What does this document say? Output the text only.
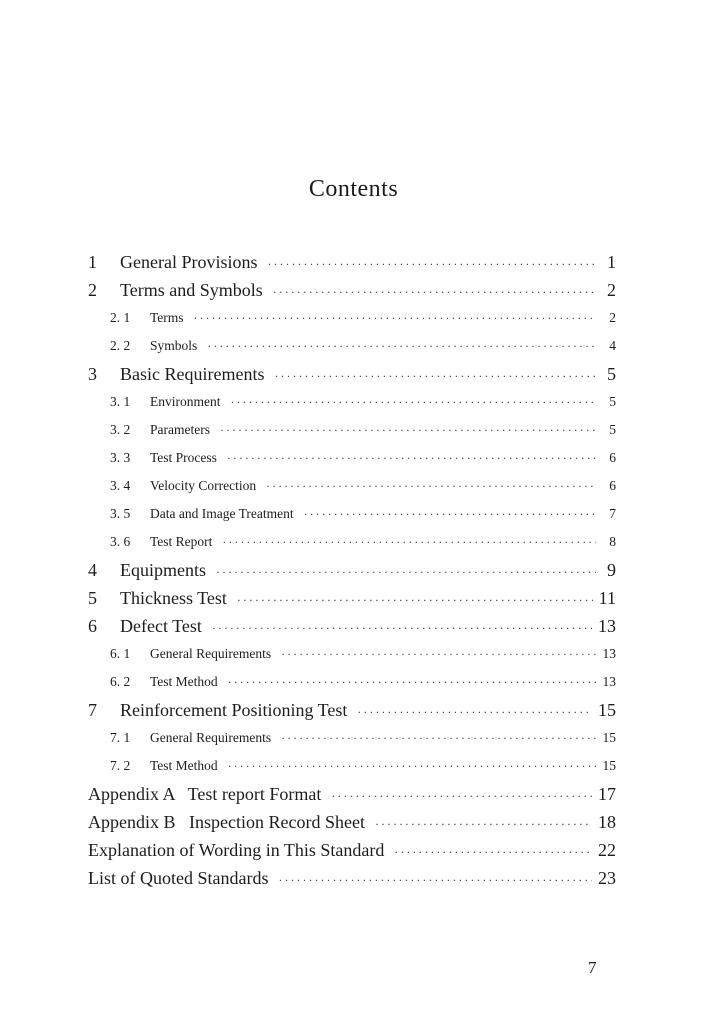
Contents
1	General Provisions ·····	1
2	Terms and Symbols ·····	2
2. 1	Terms ·····	2
2. 2	Symbols ·····	4
3	Basic Requirements ·····	5
3. 1	Environment ·····	5
3. 2	Parameters ·····	5
3. 3	Test Process ·····	6
3. 4	Velocity Correction ·····	6
3. 5	Data and Image Treatment ·····	7
3. 6	Test Report ·····	8
4	Equipments ·····	9
5	Thickness Test ·····	11
6	Defect Test ·····	13
6. 1	General Requirements ·····	13
6. 2	Test Method ·····	13
7	Reinforcement Positioning Test ·····	15
7. 1	General Requirements ·····	15
7. 2	Test Method ·····	15
Appendix A   Test report Format ·····	17
Appendix B   Inspection Record Sheet ·····	18
Explanation of Wording in This Standard ·····	22
List of Quoted Standards ·····	23
7
